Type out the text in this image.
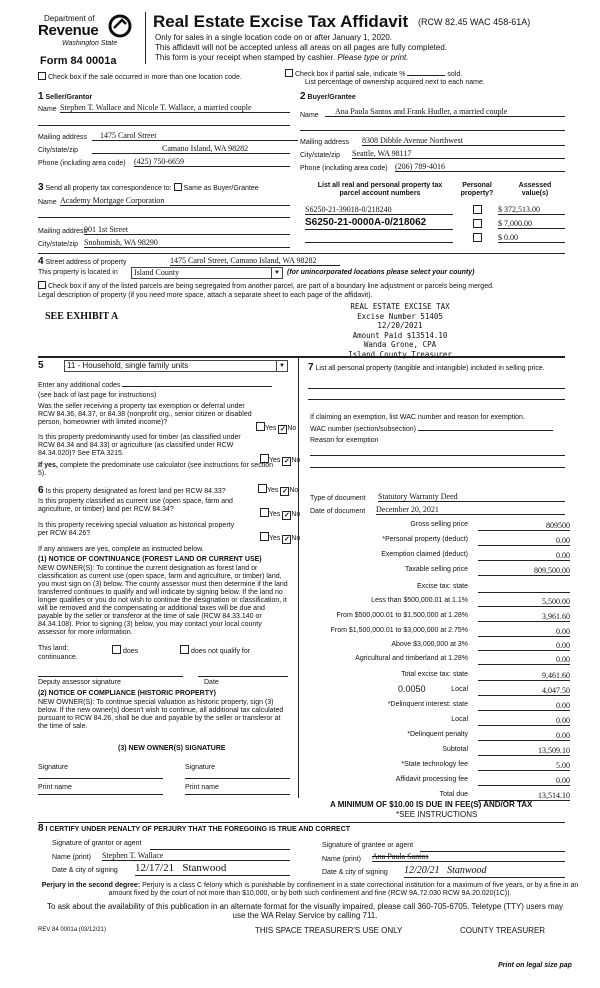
Department of
Revenue
Washington State
Form 84 0001a
Real Estate Excise Tax Affidavit (RCW 82.45 WAC 458-61A)
Only for sales in a single location code on or after January 1, 2020.
This affidavit will not be accepted unless all areas on all pages are fully completed.
This form is your receipt when stamped by cashier. Please type or print.
Check box if the sale occurred in more than one location code.	Check box if partial sale, indicate %	sold.
List percentage of ownership acquired next to each name.
1 Seller/Grantor
Name Stephen T. Wallace and Nicole T. Wallace, a married couple
Mailing address	1475 Carol Street
City/state/zip	Camano Island, WA 98282
Phone (including area code) (425) 750-6659
2 Buyer/Grantee
Name	Ana Paula Santos and Frank Hudler, a married couple
Mailing address 8308 Dibble Avenue Northwest
City/state/zip Seattle, WA 98117
Phone (including area code) (206) 789-4016
3 Send all property tax correspondence to: Same as Buyer/Grantee
Name Academy Mortgage Corporation
Mailing address
901 1st Street
City/state/zip Snohomish, WA 98290
List all real and personal property tax parcel account numbers
Personal property?
Assessed value(s)
S6250-21-39018-0/218240	$ 372,513.00
S6250-21-0000A-0/218062	$ 7,000.00
$ 0.00
4 Street address of property	1475 Carol Street, Camano Island, WA 98282
This property is located in Island County	▼ (for unincorporated locations please select your county)
Check box if any of the listed parcels are being segregated from another parcel, are part of a boundary line adjustment or parcels being merged.
Legal description of property (if you need more space, attach a separate sheet to each page of the affidavit).
SEE EXHIBIT A
REAL ESTATE EXCISE TAX
Excise Number 51405
12/20/2021
Amount Paid $13514.10
Wanda Grone, CPA
Island County Treasurer
5	11 - Household, single family units	▼
Enter any additional codes
(see back of last page for instructions)
Was the seller receiving a property tax exemption or deferral under RCW 84.36, 84.37, or 84.38 (nonprofit org., senior citizen or disabled person, homeowner with limited income)?
Yes ✓ No
Is this property predominantly used for timber (as classified under RCW 84.34 and 84.33) or agriculture (as classified under RCW 84.34.020)? See ETA 3215.
Yes ✓ No
If yes, complete the predominate use calculator (see instructions for section 5).
6 Is this property designated as forest land per RCW 84.33?	Yes ✓ No
Is this property classified as current use (open space, farm and agriculture, or timber) land per RCW 84.34?
Yes ✓ No
Is this property receiving special valuation as historical property per RCW 84.26?
Yes ✓ No
If any answers are yes, complete as instructed below.
(1) NOTICE OF CONTINUANCE (FOREST LAND OR CURRENT USE)
NEW OWNER(S): To continue the current designation as forest land or classification as current use (open space, farm and agriculture, or timber) land, you must sign on (3) below. The county assessor must then determine if the land transferred continues to qualify and will indicate by signing below. If the land no longer qualifies or you do not wish to continue the designation or classification, it will be removed and the compensating or additional taxes will be due and payable by the seller or transferor at the time of sale (RCW 84.33.140 or 84.34.108). Prior to signing (3) below, you may contact your local county assessor for more information.
This land:	does	does not qualify for
continuance.
Deputy assessor signature	Date
(2) NOTICE OF COMPLIANCE (HISTORIC PROPERTY)
NEW OWNER(S): To continue special valuation as historic property, sign (3) below. If the new owner(s) doesn't wish to continue, all additional tax calculated pursuant to RCW 84.26, shall be due and payable by the seller or transferor at the time of sale.
(3) NEW OWNER(S) SIGNATURE
Signature	Signature
Print name	Print name
7 List all personal property (tangible and intangible) included in selling price.
If claiming an exemption, list WAC number and reason for exemption.
WAC number (section/subsection)
Reason for exemption
Type of document Statutory Warranty Deed
Date of document December 20, 2021
Gross selling price	809500
*Personal property (deduct)	0.00
Exemption claimed (deduct)	0.00
Taxable selling price	809,500.00
Excise tax: state
Less than $500,000.01 at 1.1%	5,500.00
From $500,000.01 to $1,500,000 at 1.28%	3,961.60
From $1,500,000.01 to $3,000,000 at 2.75%	0.00
Above $3,000,000 at 3%	0.00
Agricultural and timberland at 1.28%	0.00
Total excise tax: state	9,461.60
Local	4,047.50
*Delinquent interest: state	0.00
Local	0.00
*Delinquent penalty	0.00
Subtotal	13,509.10
*State technology fee	5.00
Affidavit processing fee	0.00
Total due	13,514.10
0.0050
A MINIMUM OF $10.00 IS DUE IN FEE(S) AND/OR TAX
*SEE INSTRUCTIONS
8 I CERTIFY UNDER PENALTY OF PERJURY THAT THE FOREGOING IS TRUE AND CORRECT
Signature of grantor or agent
Name (print) Stephen T. Wallace
Date & city of signing 12/17/21 Stanwood
Signature of grantee or agent
Name (print) Ana Paula Santos
Date & city of signing 12/20/21 Stanwood
Perjury in the second degree: Perjury is a class C felony which is punishable by confinement in a state correctional institution for a maximum of five years, or by a fine in an amount fixed by the court of not more than $10,000, or by both such confinement and fine (RCW 9A.72.030 RCW 9A.20.020(1C)).
To ask about the availability of this publication in an alternate format for the visually impaired, please call 360-705-6705. Teletype (TTY) users may use the WA Relay Service by calling 711.
REV 84 0001a (03/12/21)	THIS SPACE TREASURER'S USE ONLY	COUNTY TREASURER
Print on legal size pap
